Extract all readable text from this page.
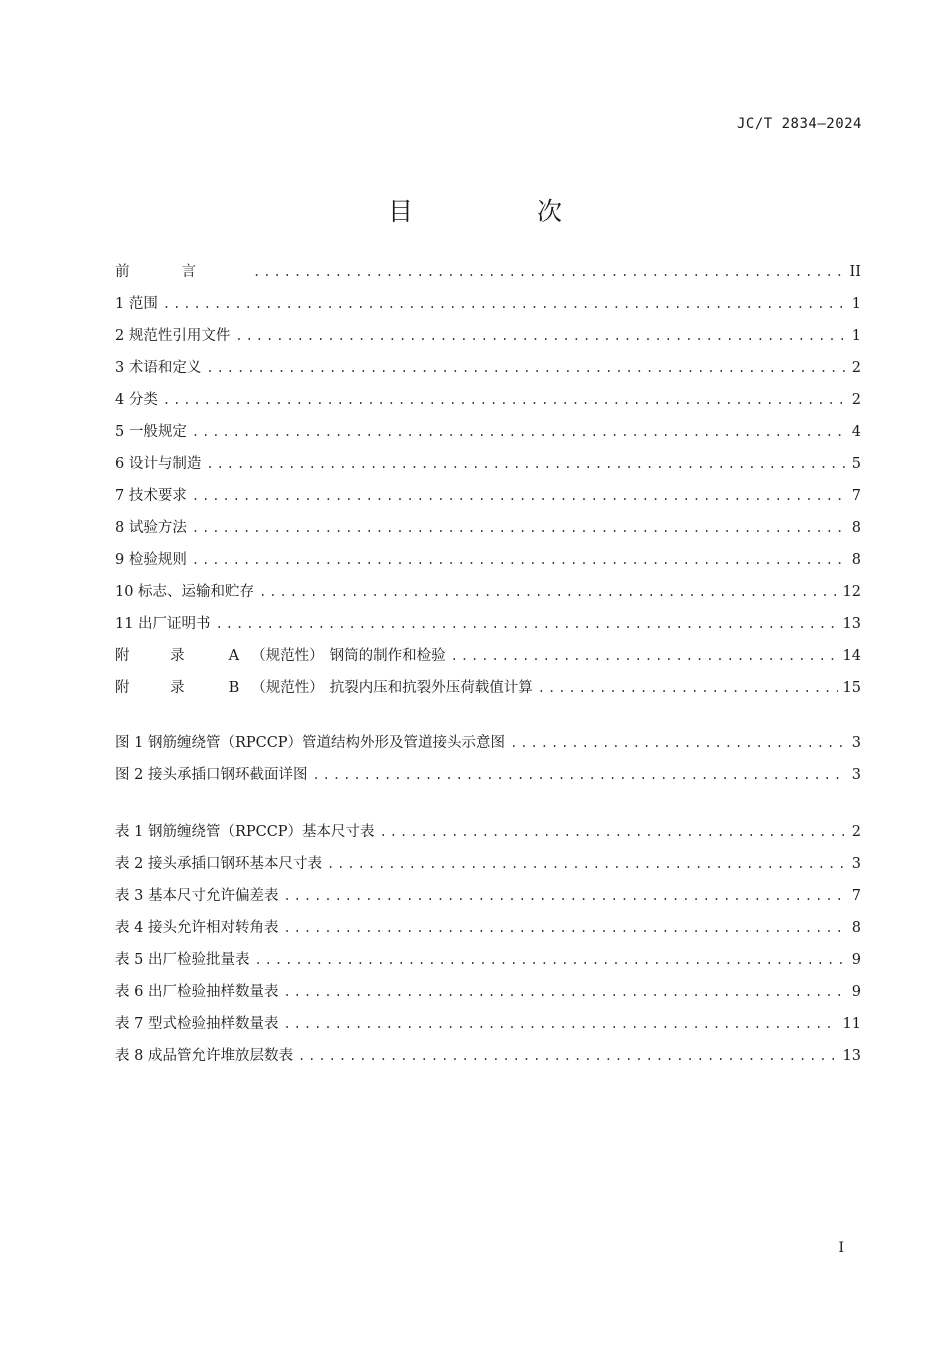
JC/T 2834—2024
目 次
前言 .....	II
1 范围 .....	1
2 规范性引用文件 .....	1
3 术语和定义 .....	2
4 分类 .....	2
5 一般规定 .....	4
6 设计与制造 .....	5
7 技术要求 .....	7
8 试验方法 .....	8
9 检验规则 .....	8
10 标志、运输和贮存 .....	12
11 出厂证明书 .....	13
附 录 A （规范性） 钢筒的制作和检验 .....	14
附 录 B （规范性） 抗裂内压和抗裂外压荷载值计算 .....	15
图 1 钢筋缠绕管（RPCCP）管道结构外形及管道接头示意图 .....	3
图 2 接头承插口钢环截面详图 .....	3
表 1 钢筋缠绕管（RPCCP）基本尺寸表 .....	2
表 2 接头承插口钢环基本尺寸表 .....	3
表 3 基本尺寸允许偏差表 .....	7
表 4 接头允许相对转角表 .....	8
表 5 出厂检验批量表 .....	9
表 6 出厂检验抽样数量表 .....	9
表 7 型式检验抽样数量表 .....	11
表 8 成品管允许堆放层数表 .....	13
I
